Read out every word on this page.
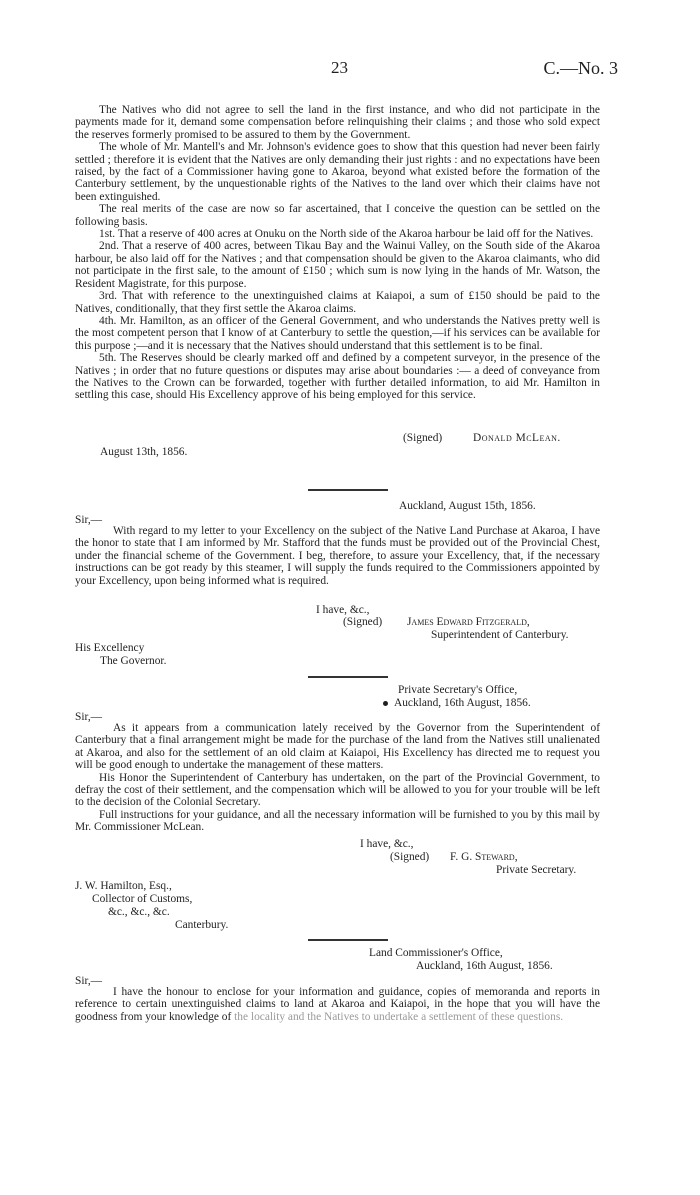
23	C.—No. 3

The Natives who did not agree to sell the land in the first instance, and who did not participate in the payments made for it, demand some compensation before relinquishing their claims ; and those who sold expect the reserves formerly promised to be assured to them by the Government.

The whole of Mr. Mantell's and Mr. Johnson's evidence goes to show that this question had never been fairly settled ; therefore it is evident that the Natives are only demanding their just rights : and no expectations have been raised, by the fact of a Commissioner having gone to Akaroa, beyond what existed before the formation of the Canterbury settlement, by the unquestionable rights of the Natives to the land over which their claims have not been extinguished.

The real merits of the case are now so far ascertained, that I conceive the question can be settled on the following basis.

1st. That a reserve of 400 acres at Onuku on the North side of the Akaroa harbour be laid off for the Natives.

2nd. That a reserve of 400 acres, between Tikau Bay and the Wainui Valley, on the South side of the Akaroa harbour, be also laid off for the Natives ; and that compensation should be given to the Akaroa claimants, who did not participate in the first sale, to the amount of £150 ; which sum is now lying in the hands of Mr. Watson, the Resident Magistrate, for this purpose.

3rd. That with reference to the unextinguished claims at Kaiapoi, a sum of £150 should be paid to the Natives, conditionally, that they first settle the Akaroa claims.

4th. Mr. Hamilton, as an officer of the General Government, and who understands the Natives pretty well is the most competent person that I know of at Canterbury to settle the question,—if his services can be available for this purpose ;—and it is necessary that the Natives should understand that this settlement is to be final.

5th. The Reserves should be clearly marked off and defined by a competent surveyor, in the presence of the Natives ; in order that no future questions or disputes may arise about boundaries :— a deed of conveyance from the Natives to the Crown can be forwarded, together with further detailed information, to aid Mr. Hamilton in settling this case, should His Excellency approve of his being employed for this service.

(Signed)	Donald McLean.
August 13th, 1856.
Auckland, August 15th, 1856.
Sir,—

With regard to my letter to your Excellency on the subject of the Native Land Purchase at Akaroa, I have the honor to state that I am informed by Mr. Stafford that the funds must be provided out of the Provincial Chest, under the financial scheme of the Government. I beg, therefore, to assure your Excellency, that, if the necessary instructions can be got ready by this steamer, I will supply the funds required to the Commissioners appointed by your Excellency, upon being informed what is required.

I have, &c.,
(Signed) James Edward Fitzgerald,
Superintendent of Canterbury.
His Excellency
The Governor.
Private Secretary's Office,
Auckland, 16th August, 1856.
Sir,—

As it appears from a communication lately received by the Governor from the Superintendent of Canterbury that a final arrangement might be made for the purchase of the land from the Natives still unalienated at Akaroa, and also for the settlement of an old claim at Kaiapoi, His Excellency has directed me to request you will be good enough to undertake the management of these matters.

His Honor the Superintendent of Canterbury has undertaken, on the part of the Provincial Government, to defray the cost of their settlement, and the compensation which will be allowed to you for your trouble will be left to the decision of the Colonial Secretary.

Full instructions for your guidance, and all the necessary information will be furnished to you by this mail by Mr. Commissioner McLean.

I have, &c.,
(Signed) F. G. Steward,
Private Secretary.
J. W. Hamilton, Esq.,
Collector of Customs,
&c., &c., &c.
Canterbury.
Land Commissioner's Office,
Auckland, 16th August, 1856.
Sir,—

I have the honour to enclose for your information and guidance, copies of memoranda and reports in reference to certain unextinguished claims to land at Akaroa and Kaiapoi, in the hope that you will have the goodness from your knowledge of the locality and the Natives to undertake a settlement of these questions.
